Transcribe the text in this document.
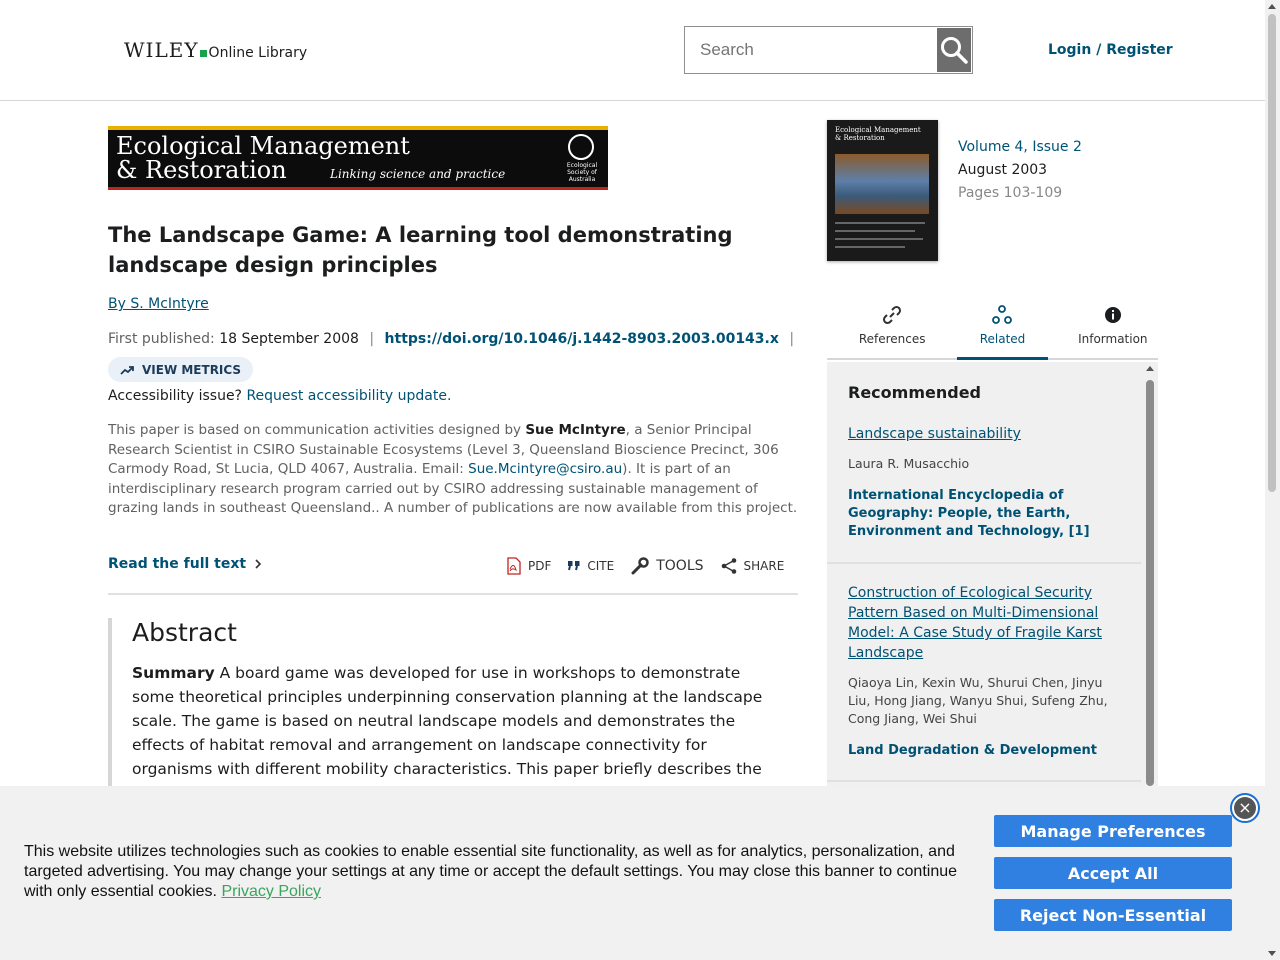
WILEY Online Library
Search	Login / Register
Ecological Management
& Restoration	Linking science and practice
Ecological Society of Australia
The Landscape Game: A learning tool demonstrating landscape design principles
By S. McIntyre
First published: 18 September 2008 | https://doi.org/10.1046/j.1442-8903.2003.00143.x |
VIEW METRICS
Accessibility issue? Request accessibility update.
This paper is based on communication activities designed by Sue McIntyre, a Senior Principal Research Scientist in CSIRO Sustainable Ecosystems (Level 3, Queensland Bioscience Precinct, 306 Carmody Road, St Lucia, QLD 4067, Australia. Email: Sue.Mcintyre@csiro.au). It is part of an interdisciplinary research program carried out by CSIRO addressing sustainable management of grazing lands in southeast Queensland.. A number of publications are now available from this project.
Read the full text	PDF	CITE	TOOLS	SHARE
Abstract

Summary A board game was developed for use in workshops to demonstrate some theoretical principles underpinning conservation planning at the landscape scale. The game is based on neutral landscape models and demonstrates the effects of habitat removal and arrangement on landscape connectivity for organisms with different mobility characteristics. This paper briefly describes the

Ecological Management
& Restoration
Volume 4, Issue 2
August 2003
Pages 103-109
References	Related	Information
Recommended
Landscape sustainability
Laura R. Musacchio
International Encyclopedia of Geography: People, the Earth, Environment and Technology, [1]
Construction of Ecological Security Pattern Based on Multi-Dimensional Model: A Case Study of Fragile Karst Landscape
Qiaoya Lin, Kexin Wu, Shurui Chen, Jinyu Liu, Hong Jiang, Wanyu Shui, Sufeng Zhu, Cong Jiang, Wei Shui
Land Degradation & Development
×
This website utilizes technologies such as cookies to enable essential site functionality, as well as for analytics, personalization, and targeted advertising. You may change your settings at any time or accept the default settings. You may close this banner to continue with only essential cookies. Privacy Policy
Manage Preferences
Accept All
Reject Non-Essential
